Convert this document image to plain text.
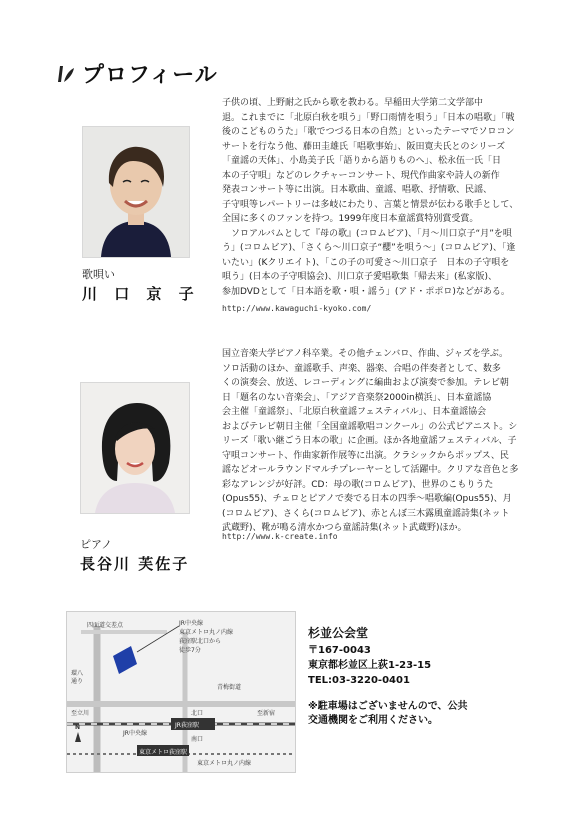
プロフィール
歌唄い
川 口 京 子
子供の頃、上野耐之氏から歌を教わる。早稲田大学第二文学部中
退。これまでに「北原白秋を唄う」「野口雨情を唄う」「日本の唱歌」「戦
後のこどものうた」「歌でつづる日本の自然」といったテーマでソロコン
サートを行なう他、藤田圭雄氏「唱歌事始」、阪田寛夫氏とのシリーズ
「童謡の天体」、小島美子氏「語りから語りものへ」、松永伍一氏「日
本の子守唄」などのレクチャーコンサート、現代作曲家や詩人の新作
発表コンサート等に出演。日本歌曲、童謡、唱歌、抒情歌、民謡、
子守唄等レパートリーは多岐にわたり、言葉と情景が伝わる歌手として、
全国に多くのファンを持つ。1999年度日本童謡賞特別賞受賞。
　ソロアルバムとして『母の歌』(コロムビア)、「月～川口京子“月”を唄
う」(コロムビア)、「さくら～川口京子“櫻”を唄う～」(コロムビア)、「逢
いたい」(Kクリエイト)、「この子の可愛さ～川口京子　日本の子守唄を
唄う」(日本の子守唄協会)、川口京子愛唱歌集「帰去来」(私家版)、
参加DVDとして「日本語を歌・唄・謡う」(アド・ポポロ)などがある。
http://www.kawaguchi-kyoko.com/
ピアノ
長谷川 芙佐子
国立音楽大学ピアノ科卒業。その他チェンバロ、作曲、ジャズを学ぶ。
ソロ活動のほか、童謡歌手、声楽、器楽、合唱の伴奏者として、数多
くの演奏会、放送、レコーディングに編曲および演奏で参加。テレビ朝
日「題名のない音楽会」、「アジア音楽祭2000in横浜」、日本童謡協
会主催「童謡祭」、「北原白秋童謡フェスティバル」、日本童謡協会
およびテレビ朝日主催「全国童謡歌唱コンクール」の公式ピアニスト。シ
リーズ「歌い継ごう日本の歌」に企画。ほか各地童謡フェスティバル、子
守唄コンサート、作曲家新作展等に出演。クラシックからポップス、民
謡などオールラウンドマルチプレーヤーとして活躍中。クリアな音色と多
彩なアレンジが好評。CD：母の歌(コロムビア)、世界のこもりうた
(Opus55)、チェロとピアノで奏でる日本の四季～唱歌編(Opus55)、月
(コロムビア)、さくら(コロムビア)、赤とんぼ三木露風童謡詩集(ネット
武蔵野)、靴が鳴る清水かつら童謡詩集(ネット武蔵野)ほか。
http://www.k-create.info
四面道交差点	JR中央線
東京メトロ丸ノ内線
荻窪駅北口から
徒歩7分
環八
通り
青梅街道
北口
至立川	至新宿
JR中央線
JR荻窪駅
南口
東京メトロ荻窪駅
東京メトロ丸ノ内線
N
杉並公会堂
〒167-0043
東京都杉並区上荻1-23-15
TEL:03-3220-0401
※駐車場はございませんので、公共
交通機関をご利用ください。
